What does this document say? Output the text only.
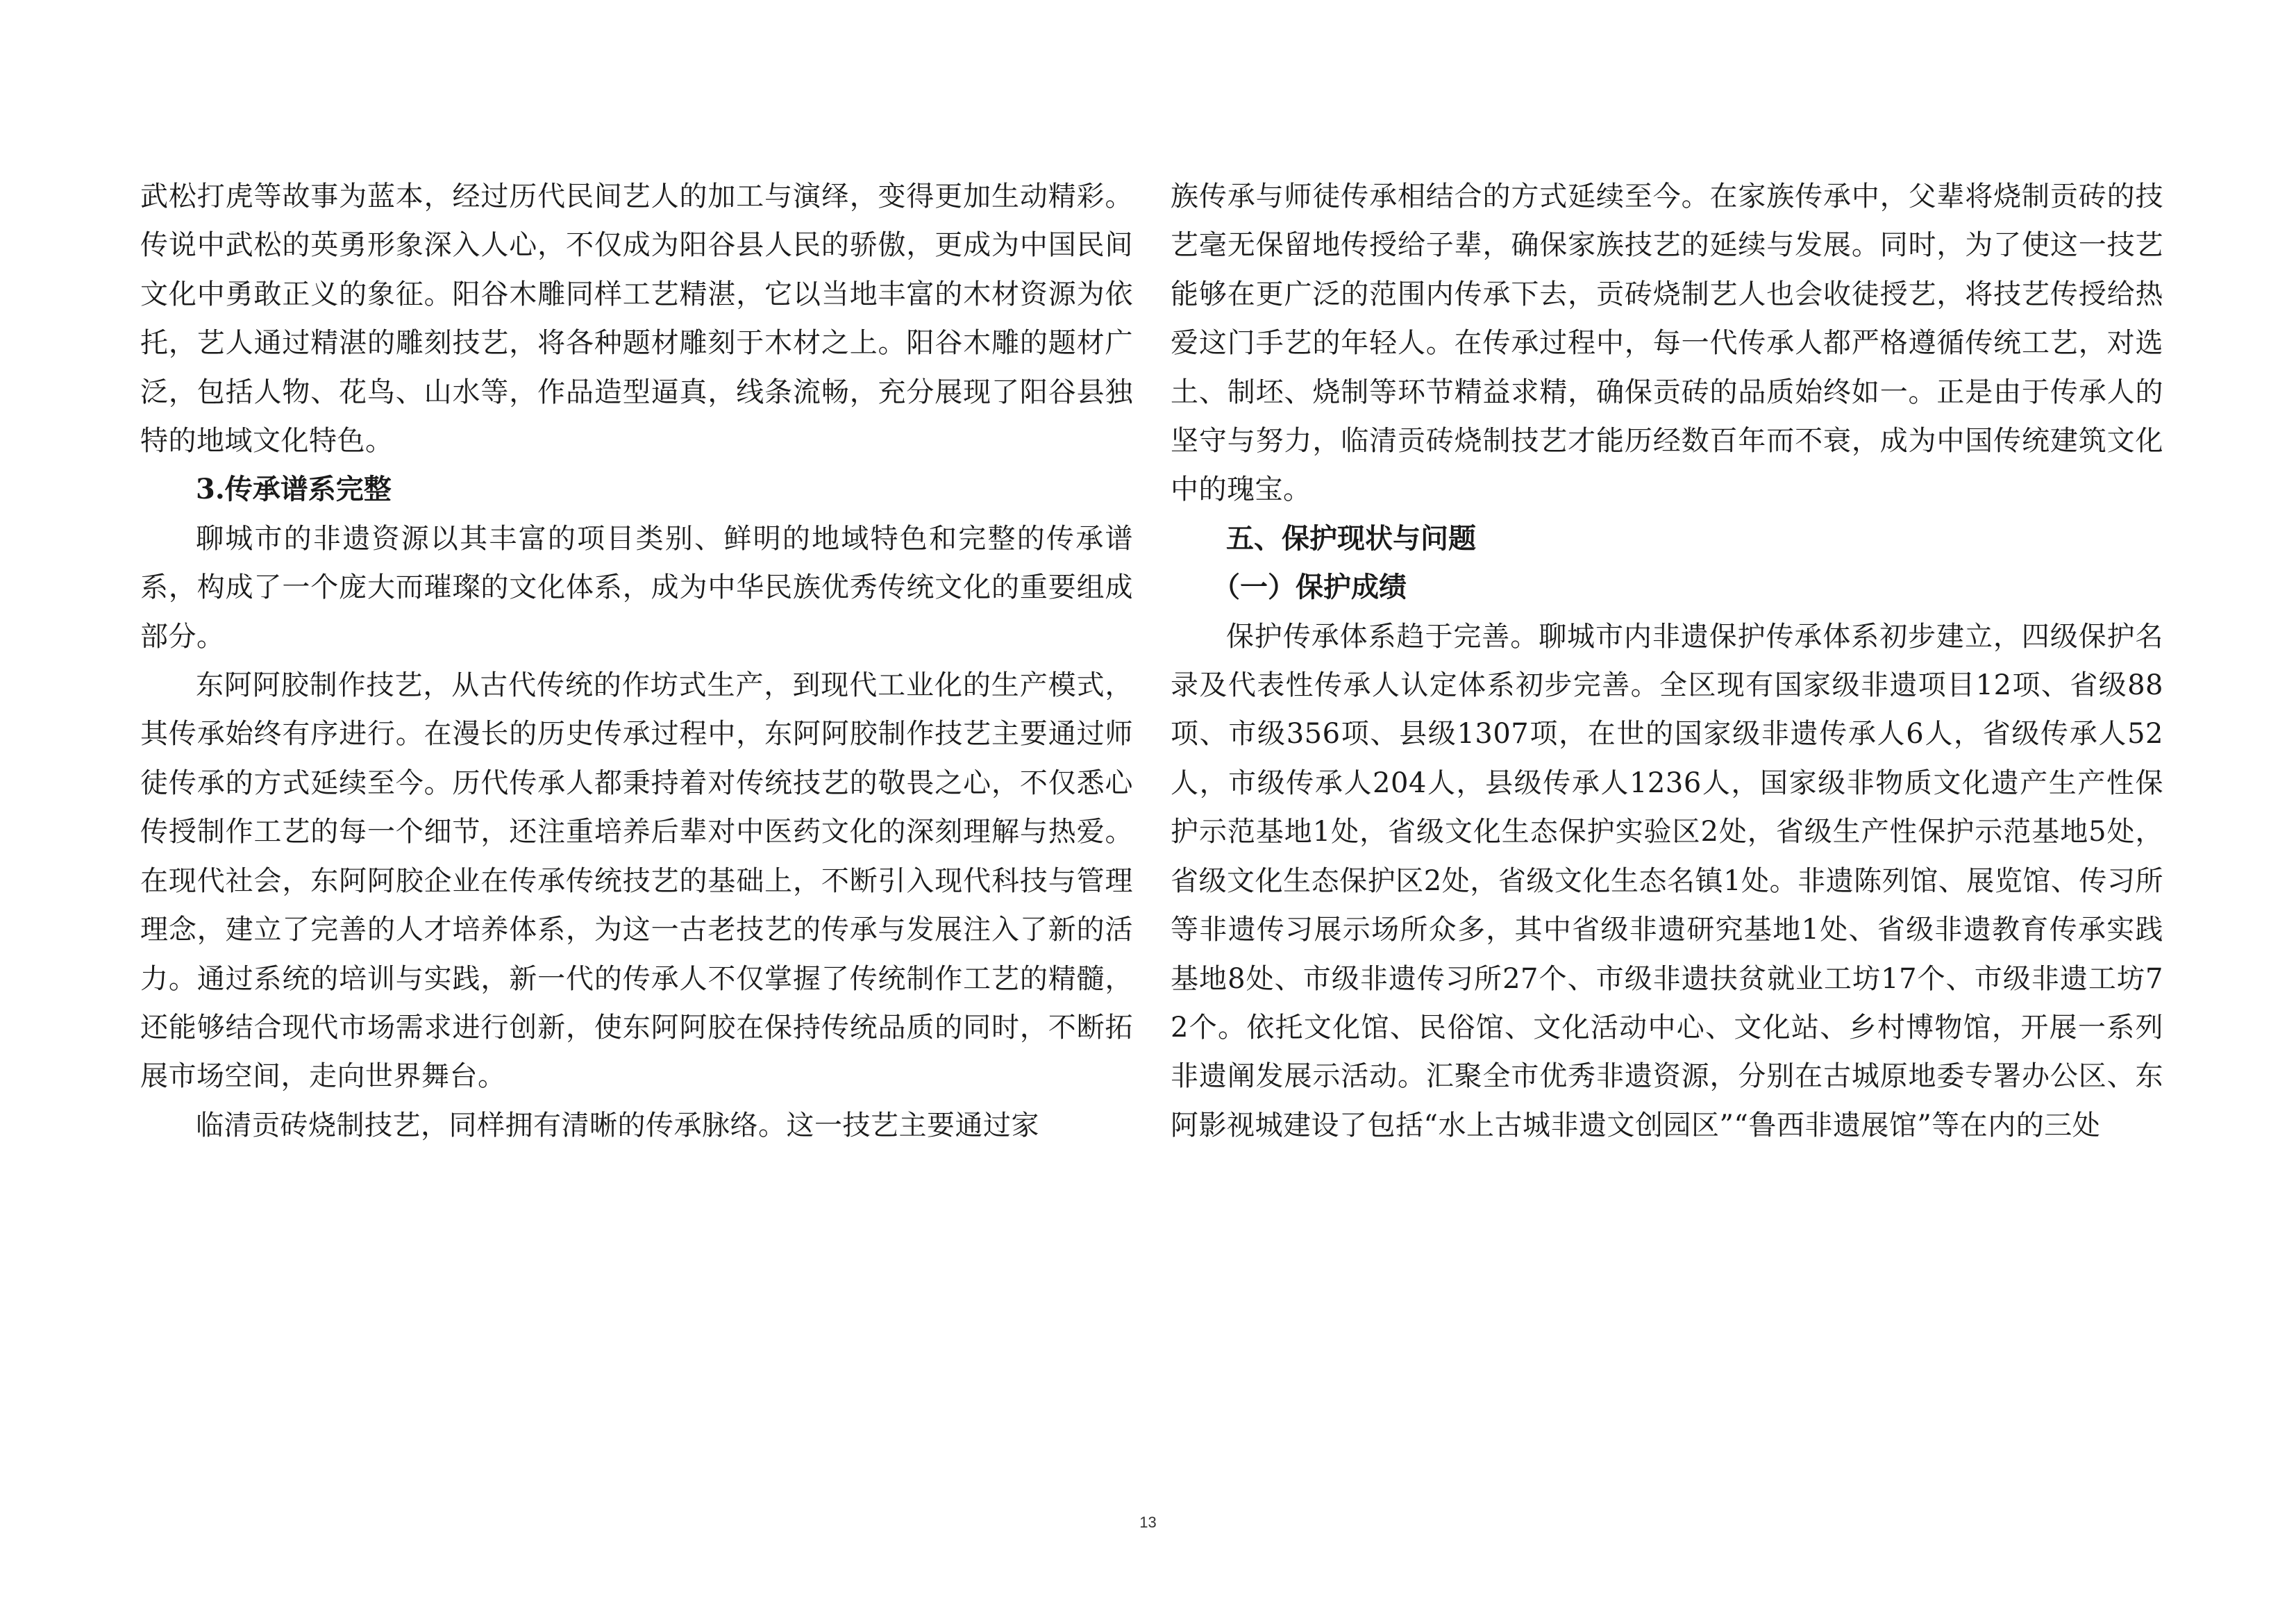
武松打虎等故事为蓝本，经过历代民间艺人的加工与演绎，变得更加生动精彩。传说中武松的英勇形象深入人心，不仅成为阳谷县人民的骄傲，更成为中国民间文化中勇敢正义的象征。阳谷木雕同样工艺精湛，它以当地丰富的木材资源为依托，艺人通过精湛的雕刻技艺，将各种题材雕刻于木材之上。阳谷木雕的题材广泛，包括人物、花鸟、山水等，作品造型逼真，线条流畅，充分展现了阳谷县独特的地域文化特色。

3.传承谱系完整

聊城市的非遗资源以其丰富的项目类别、鲜明的地域特色和完整的传承谱系，构成了一个庞大而璀璨的文化体系，成为中华民族优秀传统文化的重要组成部分。

东阿阿胶制作技艺，从古代传统的作坊式生产，到现代工业化的生产模式，其传承始终有序进行。在漫长的历史传承过程中，东阿阿胶制作技艺主要通过师徒传承的方式延续至今。历代传承人都秉持着对传统技艺的敬畏之心，不仅悉心传授制作工艺的每一个细节，还注重培养后辈对中医药文化的深刻理解与热爱。在现代社会，东阿阿胶企业在传承传统技艺的基础上，不断引入现代科技与管理理念，建立了完善的人才培养体系，为这一古老技艺的传承与发展注入了新的活力。通过系统的培训与实践，新一代的传承人不仅掌握了传统制作工艺的精髓，还能够结合现代市场需求进行创新，使东阿阿胶在保持传统品质的同时，不断拓展市场空间，走向世界舞台。

临清贡砖烧制技艺，同样拥有清晰的传承脉络。这一技艺主要通过家

族传承与师徒传承相结合的方式延续至今。在家族传承中，父辈将烧制贡砖的技艺毫无保留地传授给子辈，确保家族技艺的延续与发展。同时，为了使这一技艺能够在更广泛的范围内传承下去，贡砖烧制艺人也会收徒授艺，将技艺传授给热爱这门手艺的年轻人。在传承过程中，每一代传承人都严格遵循传统工艺，对选土、制坯、烧制等环节精益求精，确保贡砖的品质始终如一。正是由于传承人的坚守与努力，临清贡砖烧制技艺才能历经数百年而不衰，成为中国传统建筑文化中的瑰宝。

五、保护现状与问题
（一）保护成绩

保护传承体系趋于完善。聊城市内非遗保护传承体系初步建立，四级保护名录及代表性传承人认定体系初步完善。全区现有国家级非遗项目12项、省级88项、市级356项、县级1307项，在世的国家级非遗传承人6人，省级传承人52人，市级传承人204人，县级传承人1236人，国家级非物质文化遗产生产性保护示范基地1处，省级文化生态保护实验区2处，省级生产性保护示范基地5处，省级文化生态保护区2处，省级文化生态名镇1处。非遗陈列馆、展览馆、传习所等非遗传习展示场所众多，其中省级非遗研究基地1处、省级非遗教育传承实践基地8处、市级非遗传习所27个、市级非遗扶贫就业工坊17个、市级非遗工坊72个。依托文化馆、民俗馆、文化活动中心、文化站、乡村博物馆，开展一系列非遗阐发展示活动。汇聚全市优秀非遗资源，分别在古城原地委专署办公区、东阿影视城建设了包括“水上古城非遗文创园区”“鲁西非遗展馆”等在内的三处

13
